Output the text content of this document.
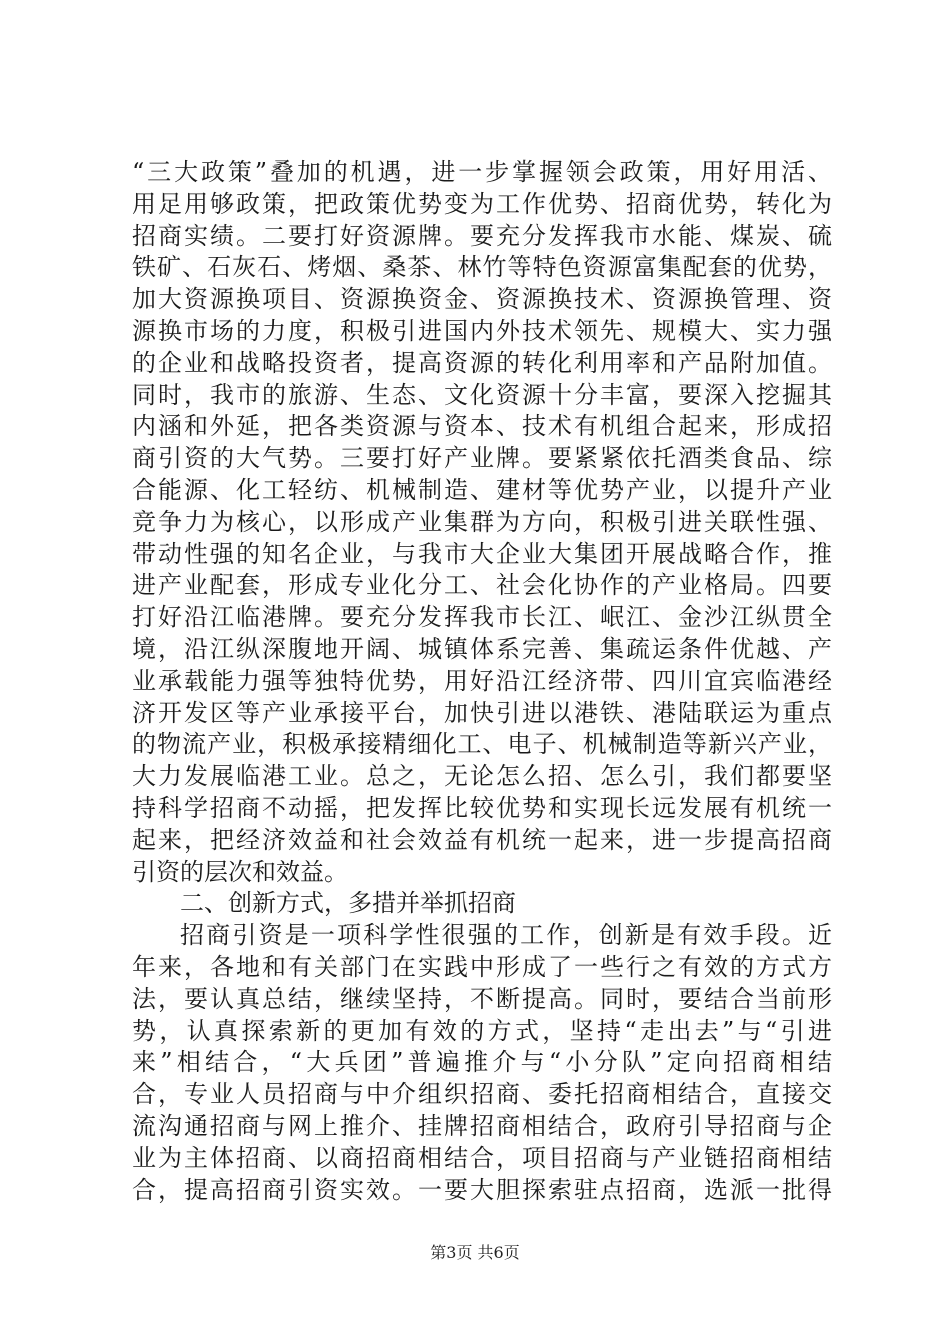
“三大政策”叠加的机遇，进一步掌握领会政策，用好用活、
用足用够政策，把政策优势变为工作优势、招商优势，转化为
招商实绩。二要打好资源牌。要充分发挥我市水能、煤炭、硫
铁矿、石灰石、烤烟、桑茶、林竹等特色资源富集配套的优势，
加大资源换项目、资源换资金、资源换技术、资源换管理、资
源换市场的力度，积极引进国内外技术领先、规模大、实力强
的企业和战略投资者，提高资源的转化利用率和产品附加值。
同时，我市的旅游、生态、文化资源十分丰富，要深入挖掘其
内涵和外延，把各类资源与资本、技术有机组合起来，形成招
商引资的大气势。三要打好产业牌。要紧紧依托酒类食品、综
合能源、化工轻纺、机械制造、建材等优势产业，以提升产业
竞争力为核心，以形成产业集群为方向，积极引进关联性强、
带动性强的知名企业，与我市大企业大集团开展战略合作，推
进产业配套，形成专业化分工、社会化协作的产业格局。四要
打好沿江临港牌。要充分发挥我市长江、岷江、金沙江纵贯全
境，沿江纵深腹地开阔、城镇体系完善、集疏运条件优越、产
业承载能力强等独特优势，用好沿江经济带、四川宜宾临港经
济开发区等产业承接平台，加快引进以港铁、港陆联运为重点
的物流产业，积极承接精细化工、电子、机械制造等新兴产业，
大力发展临港工业。总之，无论怎么招、怎么引，我们都要坚
持科学招商不动摇，把发挥比较优势和实现长远发展有机统一
起来，把经济效益和社会效益有机统一起来，进一步提高招商
引资的层次和效益。
二、创新方式，多措并举抓招商
招商引资是一项科学性很强的工作，创新是有效手段。近
年来，各地和有关部门在实践中形成了一些行之有效的方式方
法，要认真总结，继续坚持，不断提高。同时，要结合当前形
势，认真探索新的更加有效的方式，坚持“走出去”与“引进
来”相结合，“大兵团”普遍推介与“小分队”定向招商相结
合，专业人员招商与中介组织招商、委托招商相结合，直接交
流沟通招商与网上推介、挂牌招商相结合，政府引导招商与企
业为主体招商、以商招商相结合，项目招商与产业链招商相结
合，提高招商引资实效。一要大胆探索驻点招商，选派一批得
第3页 共6页
